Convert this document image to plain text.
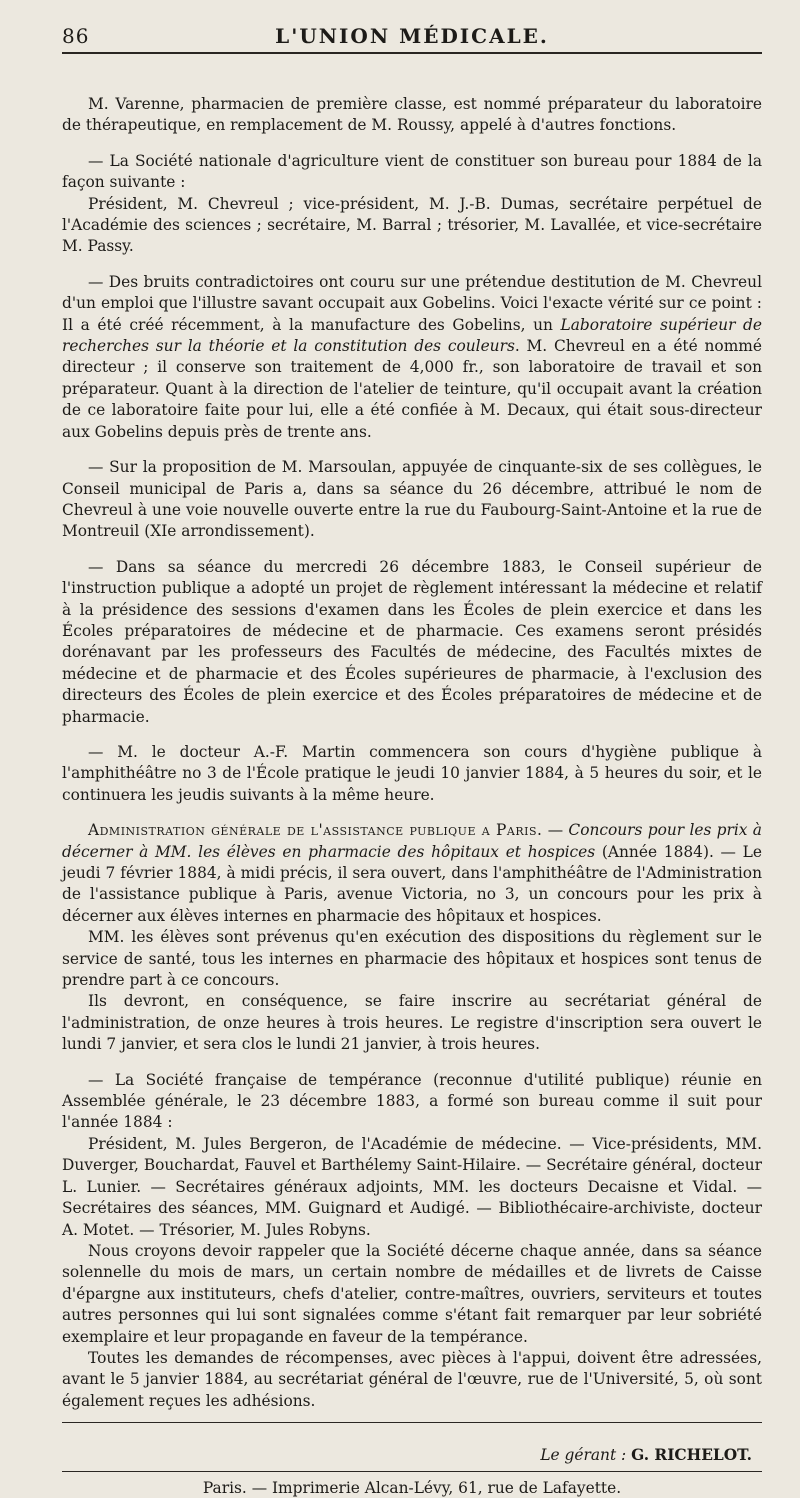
86	L'UNION MÉDICALE.

M. Varenne, pharmacien de première classe, est nommé préparateur du laboratoire de thérapeutique, en remplacement de M. Roussy, appelé à d'autres fonctions.

— La Société nationale d'agriculture vient de constituer son bureau pour 1884 de la façon suivante :

Président, M. Chevreul ; vice-président, M. J.-B. Dumas, secrétaire perpétuel de l'Académie des sciences ; secrétaire, M. Barral ; trésorier, M. Lavallée, et vice-secrétaire M. Passy.

— Des bruits contradictoires ont couru sur une prétendue destitution de M. Chevreul d'un emploi que l'illustre savant occupait aux Gobelins. Voici l'exacte vérité sur ce point : Il a été créé récemment, à la manufacture des Gobelins, un Laboratoire supérieur de recherches sur la théorie et la constitution des couleurs. M. Chevreul en a été nommé directeur ; il conserve son traitement de 4,000 fr., son laboratoire de travail et son préparateur. Quant à la direction de l'atelier de teinture, qu'il occupait avant la création de ce laboratoire faite pour lui, elle a été confiée à M. Decaux, qui était sous-directeur aux Gobelins depuis près de trente ans.

— Sur la proposition de M. Marsoulan, appuyée de cinquante-six de ses collègues, le Conseil municipal de Paris a, dans sa séance du 26 décembre, attribué le nom de Chevreul à une voie nouvelle ouverte entre la rue du Faubourg-Saint-Antoine et la rue de Montreuil (XIe arrondissement).

— Dans sa séance du mercredi 26 décembre 1883, le Conseil supérieur de l'instruction publique a adopté un projet de règlement intéressant la médecine et relatif à la présidence des sessions d'examen dans les Écoles de plein exercice et dans les Écoles préparatoires de médecine et de pharmacie. Ces examens seront présidés dorénavant par les professeurs des Facultés de médecine, des Facultés mixtes de médecine et de pharmacie et des Écoles supérieures de pharmacie, à l'exclusion des directeurs des Écoles de plein exercice et des Écoles préparatoires de médecine et de pharmacie.

— M. le docteur A.-F. Martin commencera son cours d'hygiène publique à l'amphithéâtre no 3 de l'École pratique le jeudi 10 janvier 1884, à 5 heures du soir, et le continuera les jeudis suivants à la même heure.

Administration générale de l'assistance publique a Paris. — Concours pour les prix à décerner à MM. les élèves en pharmacie des hôpitaux et hospices (Année 1884). — Le jeudi 7 février 1884, à midi précis, il sera ouvert, dans l'amphithéâtre de l'Administration de l'assistance publique à Paris, avenue Victoria, no 3, un concours pour les prix à décerner aux élèves internes en pharmacie des hôpitaux et hospices.

MM. les élèves sont prévenus qu'en exécution des dispositions du règlement sur le service de santé, tous les internes en pharmacie des hôpitaux et hospices sont tenus de prendre part à ce concours.

Ils devront, en conséquence, se faire inscrire au secrétariat général de l'administration, de onze heures à trois heures. Le registre d'inscription sera ouvert le lundi 7 janvier, et sera clos le lundi 21 janvier, à trois heures.

— La Société française de tempérance (reconnue d'utilité publique) réunie en Assemblée générale, le 23 décembre 1883, a formé son bureau comme il suit pour l'année 1884 :

Président, M. Jules Bergeron, de l'Académie de médecine. — Vice-présidents, MM. Duverger, Bouchardat, Fauvel et Barthélemy Saint-Hilaire. — Secrétaire général, docteur L. Lunier. — Secrétaires généraux adjoints, MM. les docteurs Decaisne et Vidal. — Secrétaires des séances, MM. Guignard et Audigé. — Bibliothécaire-archiviste, docteur A. Motet. — Trésorier, M. Jules Robyns.

Nous croyons devoir rappeler que la Société décerne chaque année, dans sa séance solennelle du mois de mars, un certain nombre de médailles et de livrets de Caisse d'épargne aux instituteurs, chefs d'atelier, contre-maîtres, ouvriers, serviteurs et toutes autres personnes qui lui sont signalées comme s'étant fait remarquer par leur sobriété exemplaire et leur propagande en faveur de la tempérance.

Toutes les demandes de récompenses, avec pièces à l'appui, doivent être adressées, avant le 5 janvier 1884, au secrétariat général de l'œuvre, rue de l'Université, 5, où sont également reçues les adhésions.

Le gérant : G. RICHELOT.
Paris. — Imprimerie Alcan-Lévy, 61, rue de Lafayette.
